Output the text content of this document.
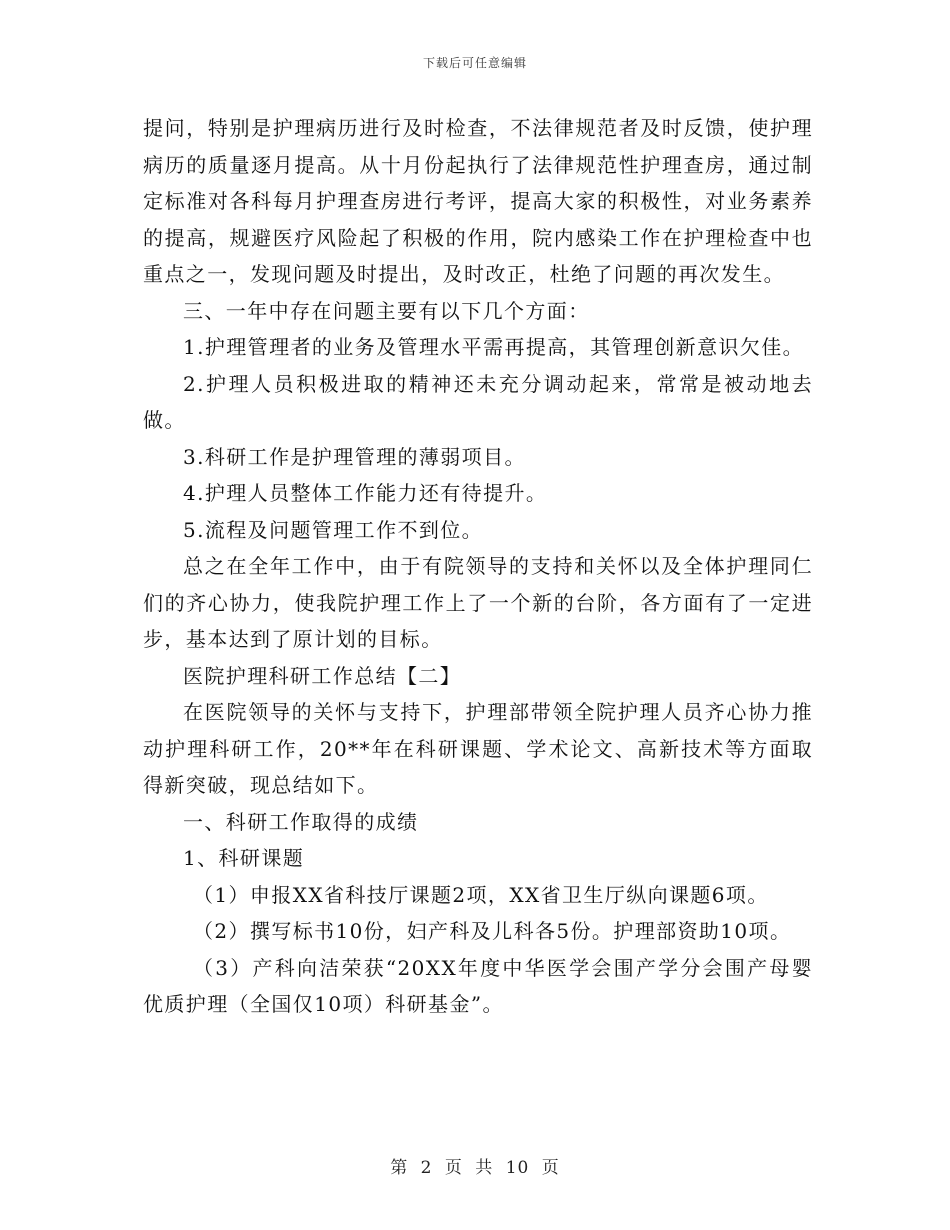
下载后可任意编辑

提问，特别是护理病历进行及时检查，不法律规范者及时反馈，使护理病历的质量逐月提高。从十月份起执行了法律规范性护理查房，通过制定标准对各科每月护理查房进行考评，提高大家的积极性，对业务素养的提高，规避医疗风险起了积极的作用，院内感染工作在护理检查中也重点之一，发现问题及时提出，及时改正，杜绝了问题的再次发生。

三、一年中存在问题主要有以下几个方面：

1.护理管理者的业务及管理水平需再提高，其管理创新意识欠佳。

2.护理人员积极进取的精神还未充分调动起来，常常是被动地去做。

3.科研工作是护理管理的薄弱项目。

4.护理人员整体工作能力还有待提升。

5.流程及问题管理工作不到位。

总之在全年工作中，由于有院领导的支持和关怀以及全体护理同仁们的齐心协力，使我院护理工作上了一个新的台阶，各方面有了一定进步，基本达到了原计划的目标。

医院护理科研工作总结【二】

在医院领导的关怀与支持下，护理部带领全院护理人员齐心协力推动护理科研工作，20**年在科研课题、学术论文、高新技术等方面取得新突破，现总结如下。

一、科研工作取得的成绩

1、科研课题

（1）申报XX省科技厅课题2项，XX省卫生厅纵向课题6项。

（2）撰写标书10份，妇产科及儿科各5份。护理部资助10项。

（3）产科向洁荣获“20XX年度中华医学会围产学分会围产母婴优质护理（全国仅10项）科研基金”。

第 2 页 共 10 页
